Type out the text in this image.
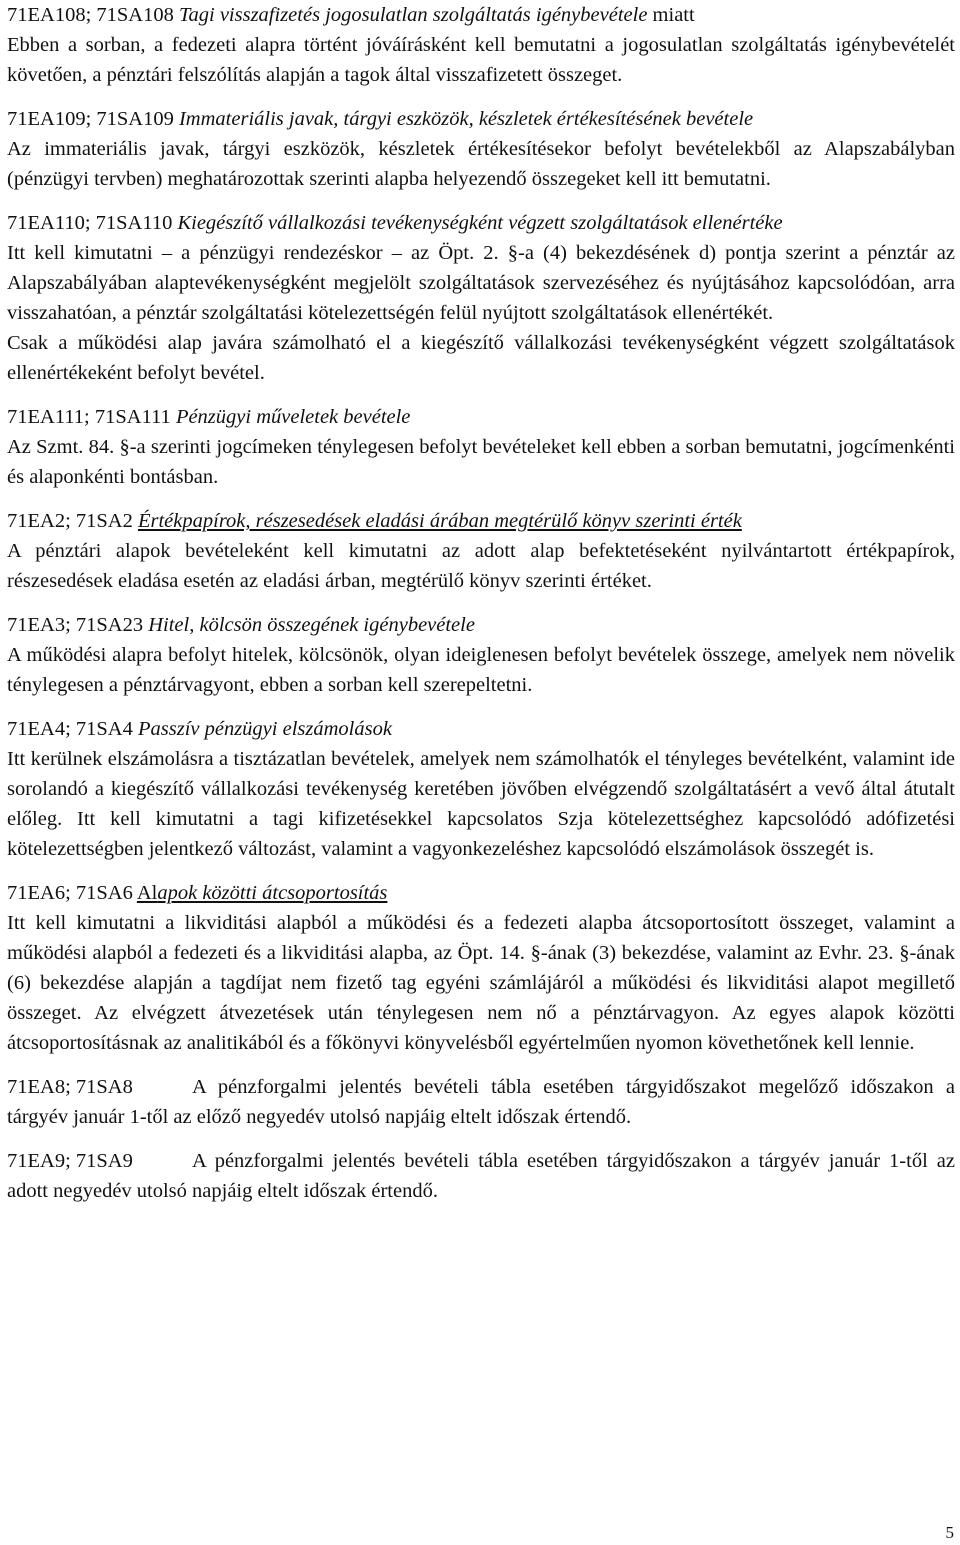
71EA108; 71SA108 Tagi visszafizetés jogosulatlan szolgáltatás igénybevétele miatt

Ebben a sorban, a fedezeti alapra történt jóváírásként kell bemutatni a jogosulatlan szolgáltatás igénybevételét követően, a pénztári felszólítás alapján a tagok által visszafizetett összeget.

71EA109; 71SA109 Immateriális javak, tárgyi eszközök, készletek értékesítésének bevétele

Az immateriális javak, tárgyi eszközök, készletek értékesítésekor befolyt bevételekből az Alapszabályban (pénzügyi tervben) meghatározottak szerinti alapba helyezendő összegeket kell itt bemutatni.

71EA110; 71SA110 Kiegészítő vállalkozási tevékenységként végzett szolgáltatások ellenértéke

Itt kell kimutatni – a pénzügyi rendezéskor – az Öpt. 2. §-a (4) bekezdésének d) pontja szerint a pénztár az Alapszabályában alaptevékenységként megjelölt szolgáltatások szervezéséhez és nyújtásához kapcsolódóan, arra visszahatóan, a pénztár szolgáltatási kötelezettségén felül nyújtott szolgáltatások ellenértékét.

Csak a működési alap javára számolható el a kiegészítő vállalkozási tevékenységként végzett szolgáltatások ellenértékeként befolyt bevétel.

71EA111; 71SA111 Pénzügyi műveletek bevétele

Az Szmt. 84. §-a szerinti jogcímeken ténylegesen befolyt bevételeket kell ebben a sorban bemutatni, jogcímenkénti és alaponkénti bontásban.

71EA2; 71SA2 Értékpapírok, részesedések eladási árában megtérülő könyv szerinti érték

A pénztári alapok bevételeként kell kimutatni az adott alap befektetéseként nyilvántartott értékpapírok, részesedések eladása esetén az eladási árban, megtérülő könyv szerinti értéket.

71EA3; 71SA23 Hitel, kölcsön összegének igénybevétele

A működési alapra befolyt hitelek, kölcsönök, olyan ideiglenesen befolyt bevételek összege, amelyek nem növelik ténylegesen a pénztárvagyont, ebben a sorban kell szerepeltetni.

71EA4; 71SA4 Passzív pénzügyi elszámolások

Itt kerülnek elszámolásra a tisztázatlan bevételek, amelyek nem számolhatók el tényleges bevételként, valamint ide sorolandó a kiegészítő vállalkozási tevékenység keretében jövőben elvégzendő szolgáltatásért a vevő által átutalt előleg. Itt kell kimutatni a tagi kifizetésekkel kapcsolatos Szja kötelezettséghez kapcsolódó adófizetési kötelezettségben jelentkező változást, valamint a vagyonkezeléshez kapcsolódó elszámolások összegét is.

71EA6; 71SA6 Alapok közötti átcsoportosítás

Itt kell kimutatni a likviditási alapból a működési és a fedezeti alapba átcsoportosított összeget, valamint a működési alapból a fedezeti és a likviditási alapba, az Öpt. 14. §-ának (3) bekezdése, valamint az Evhr. 23. §-ának (6) bekezdése alapján a tagdíjat nem fizető tag egyéni számlájáról a működési és likviditási alapot megillető összeget. Az elvégzett átvezetések után ténylegesen nem nő a pénztárvagyon. Az egyes alapok közötti átcsoportosításnak az analitikából és a főkönyvi könyvelésből egyértelműen nyomon követhetőnek kell lennie.

71EA8; 71SA8	A pénzforgalmi jelentés bevételi tábla esetében tárgyidőszakot megelőző időszakon a tárgyév január 1-től az előző negyedév utolsó napjáig eltelt időszak értendő.

71EA9; 71SA9	A pénzforgalmi jelentés bevételi tábla esetében tárgyidőszakon a tárgyév január 1-től az adott negyedév utolsó napjáig eltelt időszak értendő.

5
